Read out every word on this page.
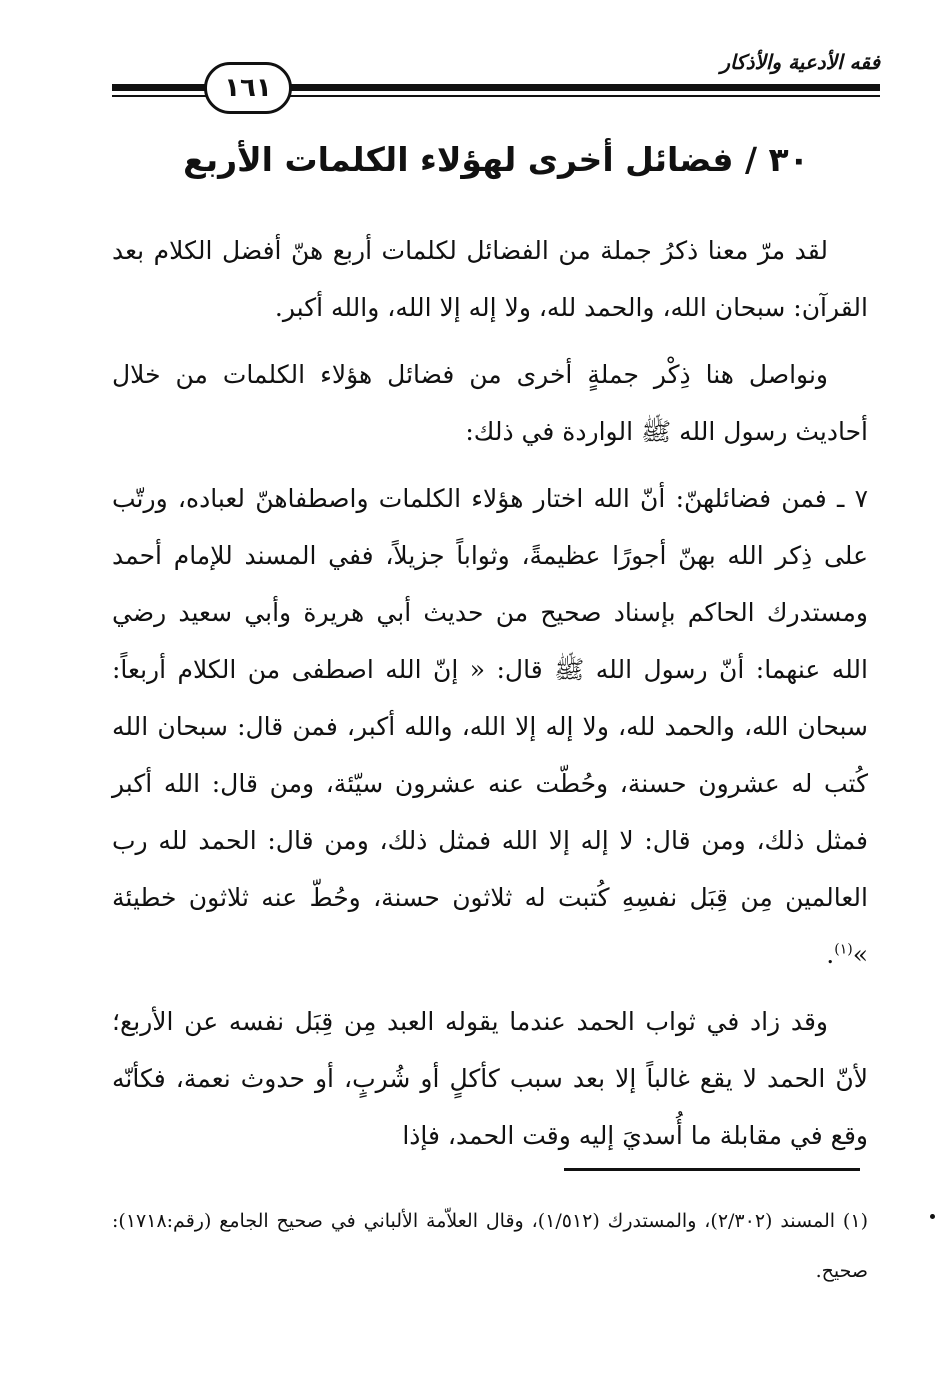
فقه الأدعية والأذكار
١٦١
٣٠ / فضائل أخرى لهؤلاء الكلمات الأربع

لقد مرّ معنا ذكرُ جملة من الفضائل لكلمات أربع هنّ أفضل الكلام بعد القرآن: سبحان الله، والحمد لله، ولا إله إلا الله، والله أكبر.

ونواصل هنا ذِكْر جملةٍ أخرى من فضائل هؤلاء الكلمات من خلال أحاديث رسول الله ﷺ الواردة في ذلك:

٧ ـ فمن فضائلهنّ: أنّ الله اختار هؤلاء الكلمات واصطفاهنّ لعباده، ورتّب على ذِكر الله بهنّ أجورًا عظيمةً، وثواباً جزيلاً، ففي المسند للإمام أحمد ومستدرك الحاكم بإسناد صحيح من حديث أبي هريرة وأبي سعيد رضي الله عنهما: أنّ رسول الله ﷺ قال: « إنّ الله اصطفى من الكلام أربعاً: سبحان الله، والحمد لله، ولا إله إلا الله، والله أكبر، فمن قال: سبحان الله كُتب له عشرون حسنة، وحُطّت عنه عشرون سيّئة، ومن قال: الله أكبر فمثل ذلك، ومن قال: لا إله إلا الله فمثل ذلك، ومن قال: الحمد لله رب العالمين مِن قِبَل نفسِهِ كُتبت له ثلاثون حسنة، وحُطّ عنه ثلاثون خطيئة »$^{(١)}$.

وقد زاد في ثواب الحمد عندما يقوله العبد مِن قِبَل نفسه عن الأربع؛ لأنّ الحمد لا يقع غالباً إلا بعد سبب كأكلٍ أو شُربٍ، أو حدوث نعمة، فكأنّه وقع في مقابلة ما أُسديَ إليه وقت الحمد، فإذا

(١) المسند (٢/٣٠٢)، والمستدرك (١/٥١٢)، وقال العلاّمة الألباني في صحيح الجامع (رقم:١٧١٨): صحيح.
